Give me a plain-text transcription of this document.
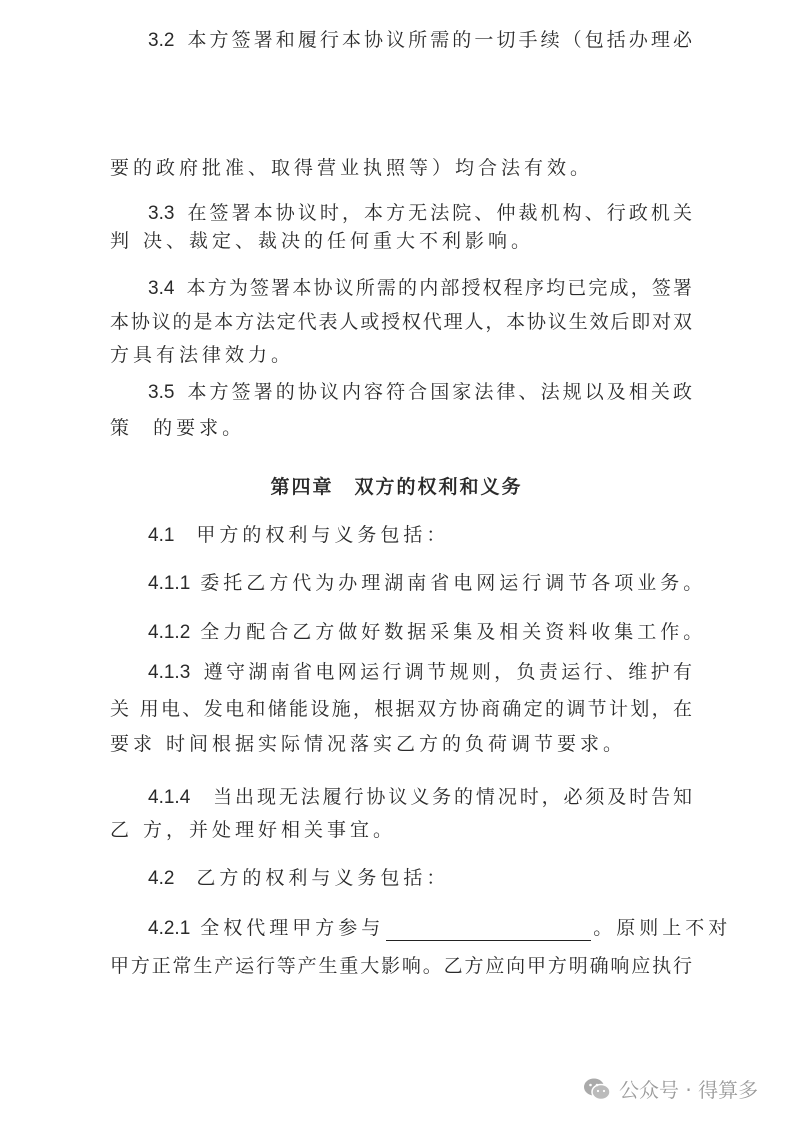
3.2 本方签署和履行本协议所需的一切手续（包括办理必
要的政府批准、取得营业执照等）均合法有效。
3.3 在签署本协议时，本方无法院、仲裁机构、行政机关
判 决、裁定、裁决的任何重大不利影响。
3.4 本方为签署本协议所需的内部授权程序均已完成，签署
本协议的是本方法定代表人或授权代理人，本协议生效后即对双
方具有法律效力。
3.5 本方签署的协议内容符合国家法律、法规以及相关政
策  的要求。
第四章　双方的权利和义务
4.1 甲方的权利与义务包括：
4.1.1 委托乙方代为办理湖南省电网运行调节各项业务。
4.1.2 全力配合乙方做好数据采集及相关资料收集工作。
4.1.3 遵守湖南省电网运行调节规则，负责运行、维护有
关 用电、发电和储能设施，根据双方协商确定的调节计划，在
要求 时间根据实际情况落实乙方的负荷调节要求。
4.1.4 当出现无法履行协议义务的情况时，必须及时告知
乙 方，并处理好相关事宜。
4.2 乙方的权利与义务包括：
4.2.1 全权代理甲方参与	。原则上不对
甲方正常生产运行等产生重大影响。乙方应向甲方明确响应执行
公众号 · 得算多
